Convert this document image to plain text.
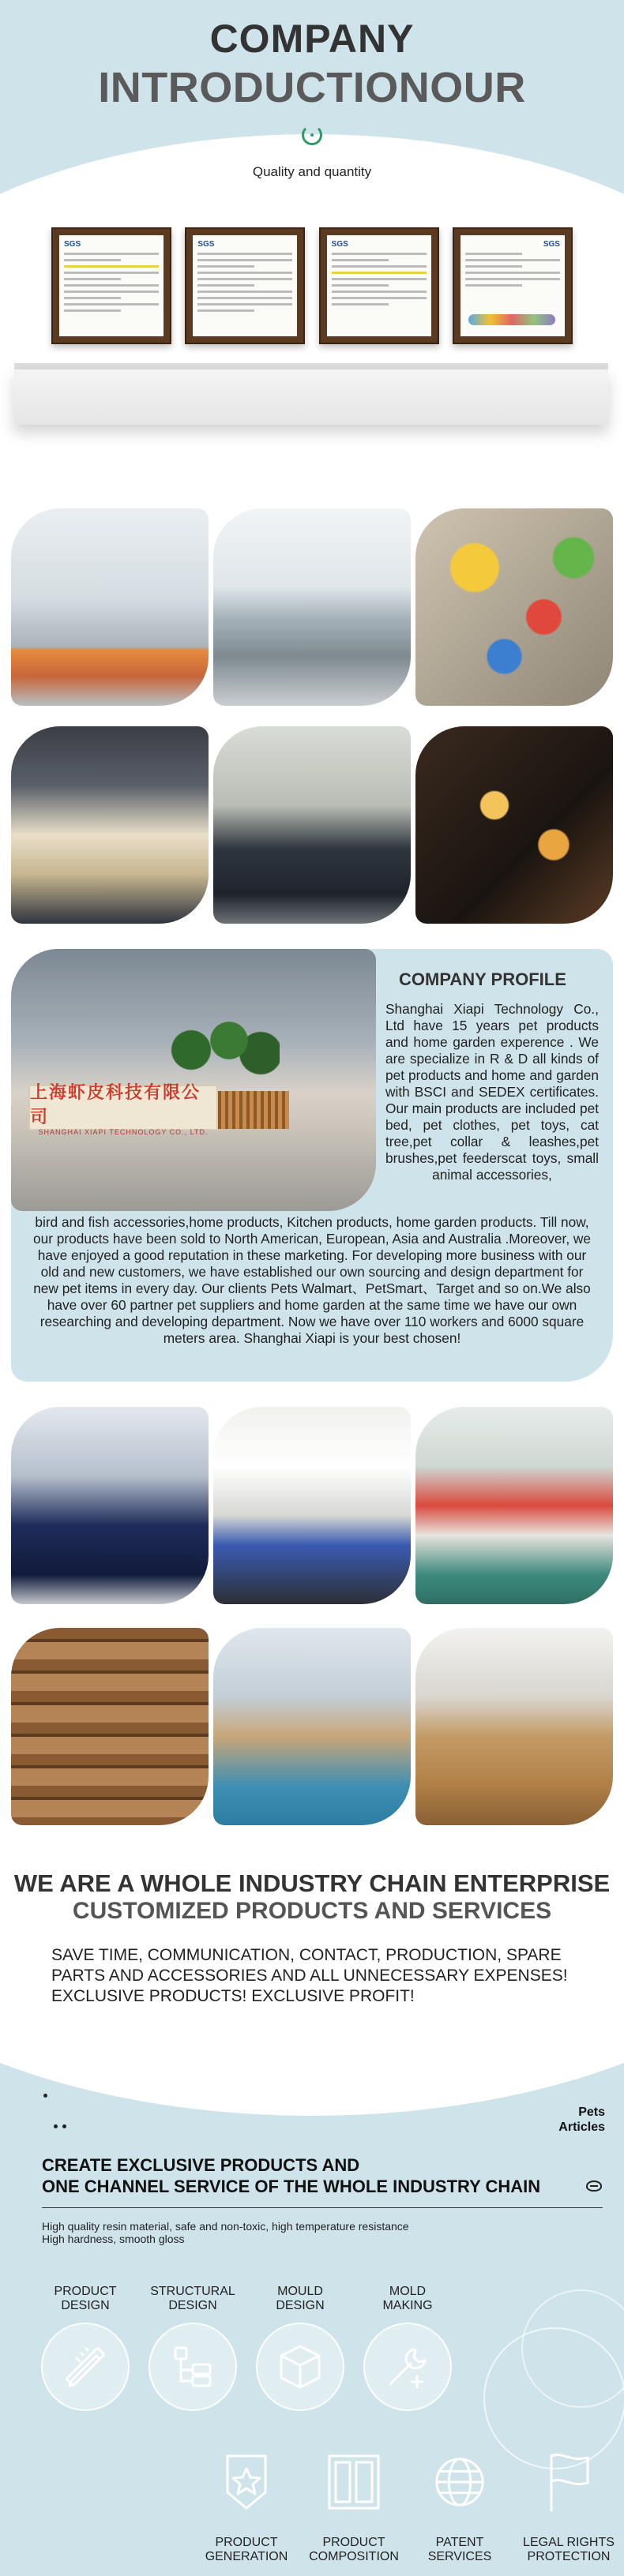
COMPANY
INTRODUCTIONOUR
Quality and quantity
SGS	SGS	SGS	SGS
上海虾皮科技有限公司
SHANGHAI XIAPI TECHNOLOGY CO., LTD.
COMPANY PROFILE
Shanghai Xiapi Technology Co., Ltd have 15 years pet products and home garden experence . We are specialize in R & D all kinds of pet products and home and garden with BSCI and SEDEX certificates. Our main products are included pet bed, pet clothes, pet toys, cat tree,pet collar & leashes,pet brushes,pet feederscat toys, small animal accessories,
bird and fish accessories,home products, Kitchen products, home garden products. Till now, our products have been sold to North American, European, Asia and Australia .Moreover, we have enjoyed a good reputation in these marketing. For developing more business with our old and new customers, we have established our own sourcing and design department for new pet items in every day. Our clients Pets Walmart、PetSmart、Target and so on.We also have over 60 partner pet suppliers and home garden at the same time we have our own researching and developing department. Now we have over 110 workers and 6000 square meters area. Shanghai Xiapi is your best chosen!
WE ARE A WHOLE INDUSTRY CHAIN ENTERPRISE
CUSTOMIZED PRODUCTS AND SERVICES
SAVE TIME, COMMUNICATION, CONTACT, PRODUCTION, SPARE PARTS AND ACCESSORIES AND ALL UNNECESSARY EXPENSES! EXCLUSIVE PRODUCTS! EXCLUSIVE PROFIT!
Pets
Articles
CREATE EXCLUSIVE PRODUCTS AND
ONE CHANNEL SERVICE OF THE WHOLE INDUSTRY CHAIN
High quality resin material, safe and non-toxic, high temperature resistance
High hardness, smooth gloss
PRODUCT
DESIGN
STRUCTURAL
DESIGN
MOULD
DESIGN
MOLD
MAKING
PRODUCT
GENERATION
PRODUCT
COMPOSITION
PATENT
SERVICES
LEGAL RIGHTS
PROTECTION
